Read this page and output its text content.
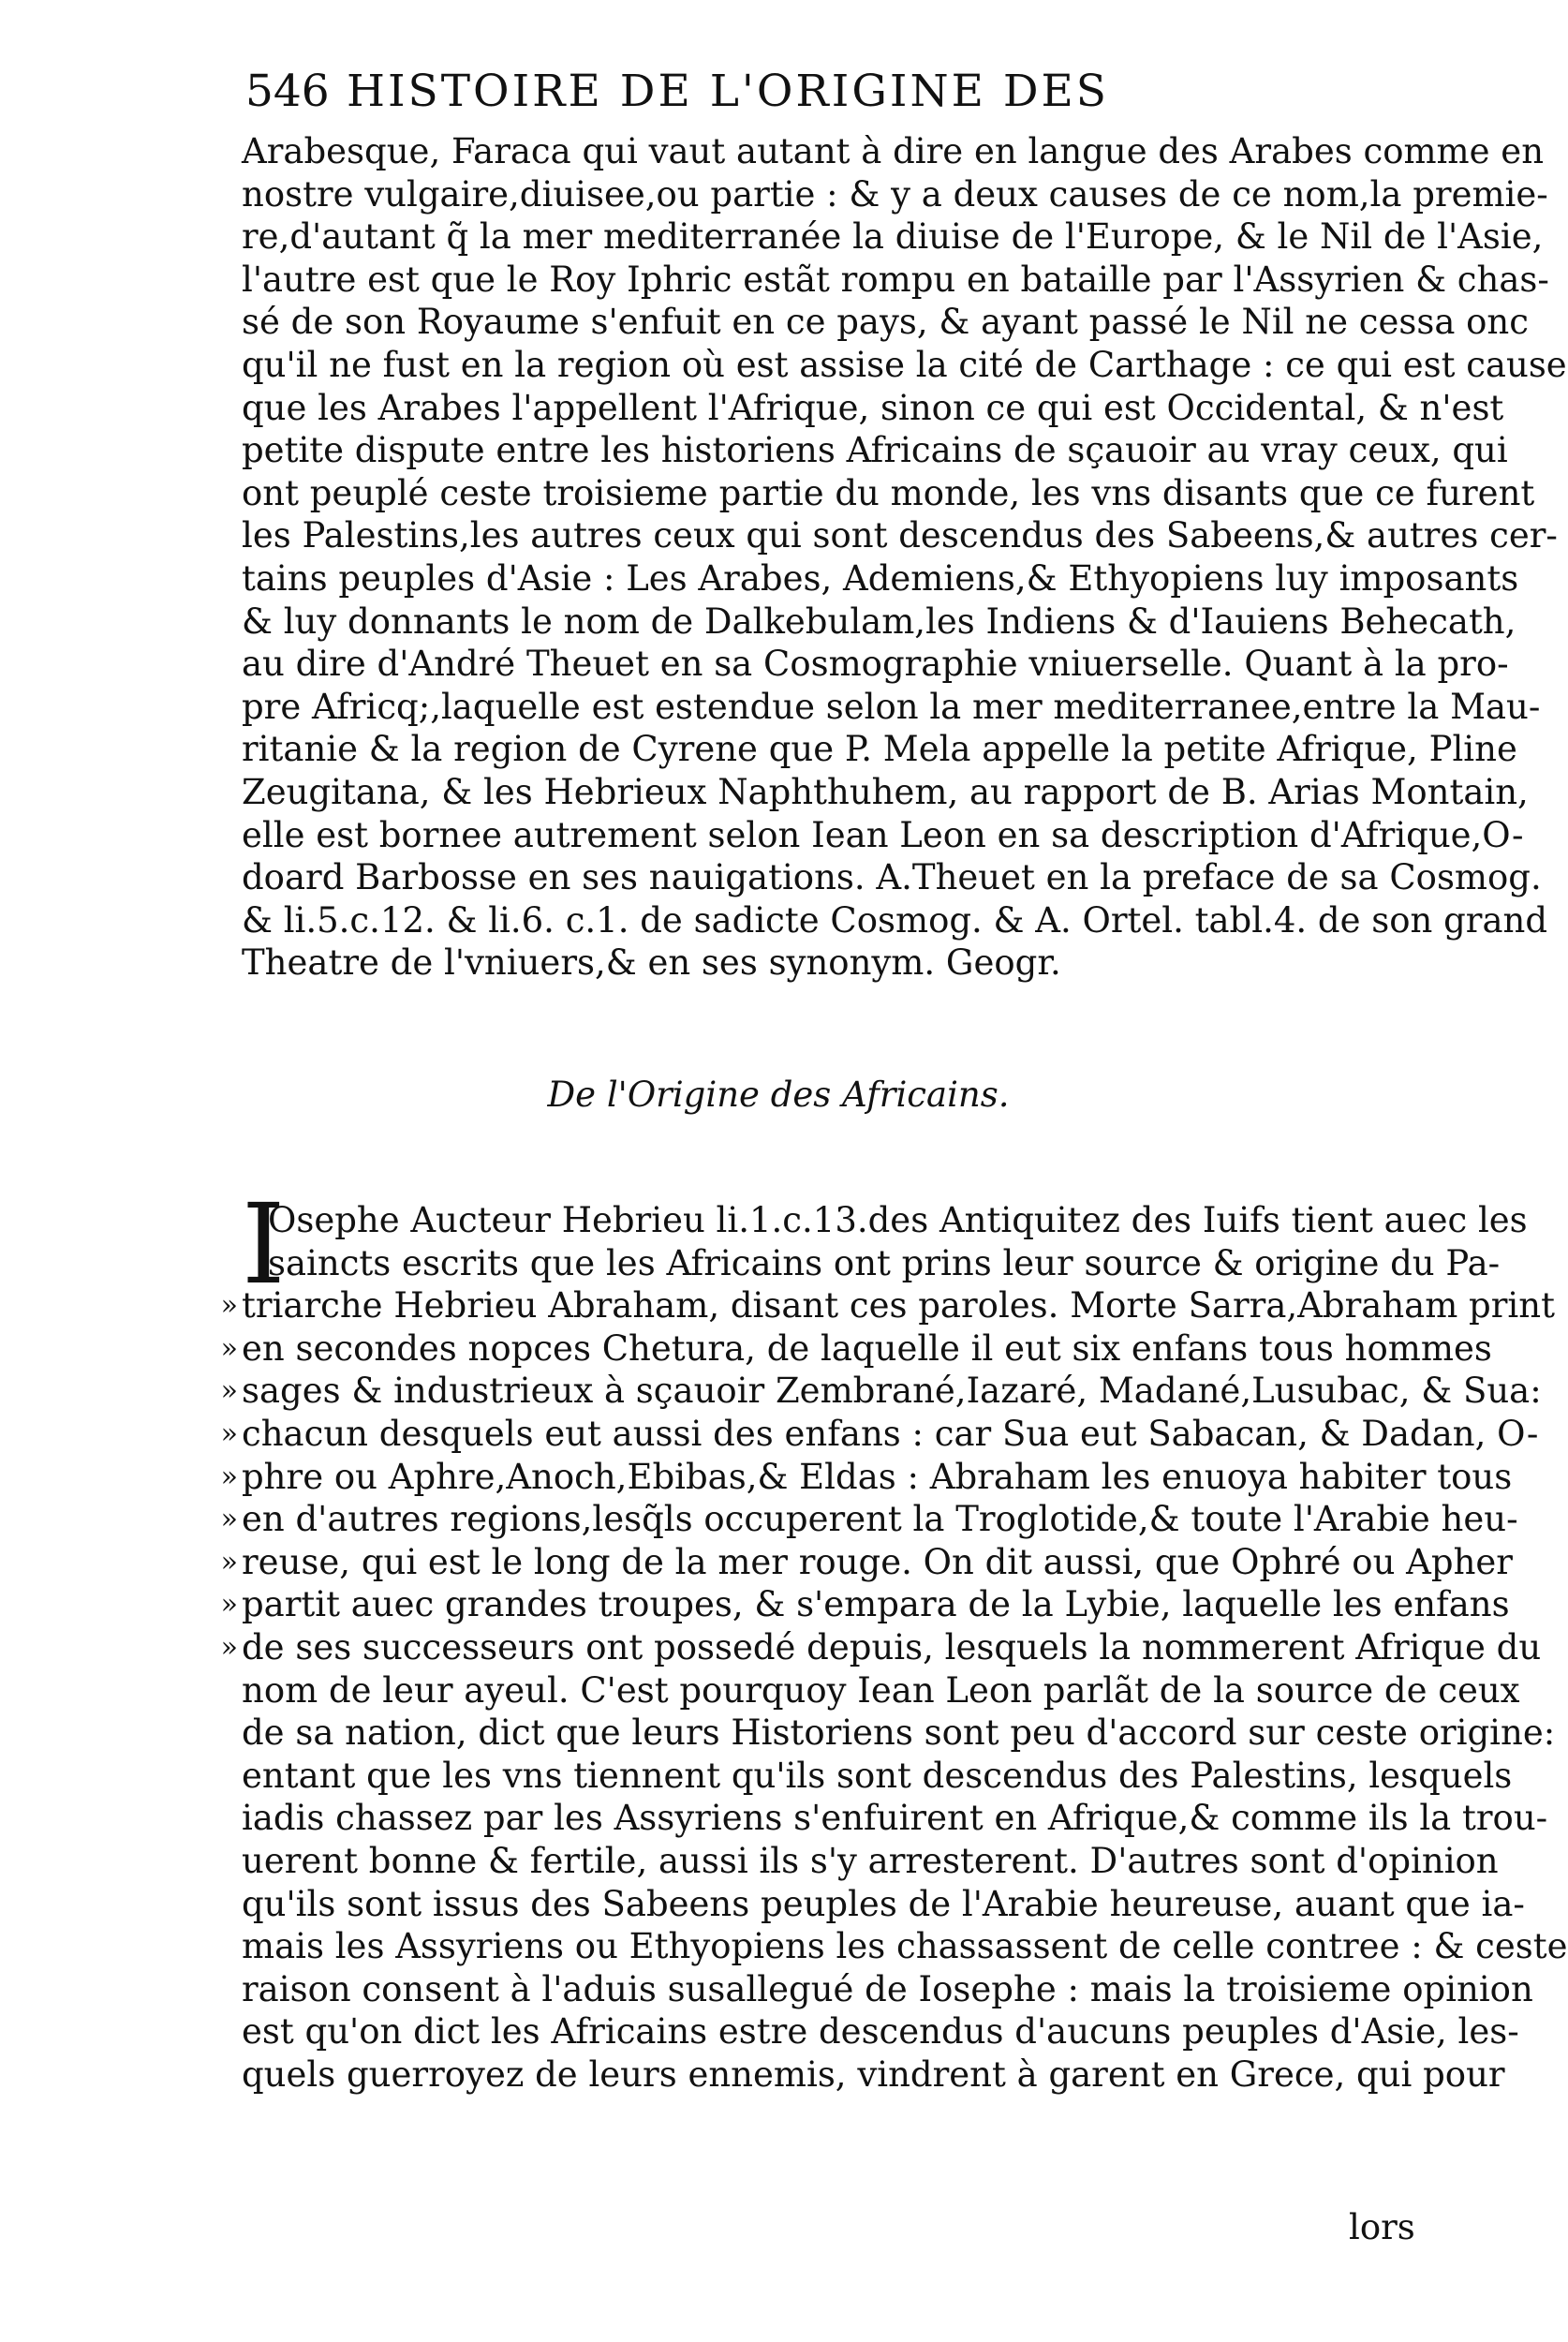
546 HISTOIRE DE L'ORIGINE DES
Arabesque, Faraca qui vaut autant à dire en langue des Arabes comme en
nostre vulgaire,diuisee,ou partie : & y a deux causes de ce nom,la premie-
re,d'autant q̃ la mer mediterranée la diuise de l'Europe, & le Nil de l'Asie,
l'autre est que le Roy Iphric estãt rompu en bataille par l'Assyrien & chas-
sé de son Royaume s'enfuit en ce pays, & ayant passé le Nil ne cessa onc
qu'il ne fust en la region où est assise la cité de Carthage : ce qui est cause
que les Arabes l'appellent l'Afrique, sinon ce qui est Occidental, & n'est
petite dispute entre les historiens Africains de sçauoir au vray ceux, qui
ont peuplé ceste troisieme partie du monde, les vns disants que ce furent
les Palestins,les autres ceux qui sont descendus des Sabeens,& autres cer-
tains peuples d'Asie : Les Arabes, Ademiens,& Ethyopiens luy imposants
& luy donnants le nom de Dalkebulam,les Indiens & d'Iauiens Behecath,
au dire d'André Theuet en sa Cosmographie vniuerselle. Quant à la pro-
pre Africq;,laquelle est estendue selon la mer mediterranee,entre la Mau-
ritanie & la region de Cyrene que P. Mela appelle la petite Afrique, Pline
Zeugitana, & les Hebrieux Naphthuhem, au rapport de B. Arias Montain,
elle est bornee autrement selon Iean Leon en sa description d'Afrique,O-
doard Barbosse en ses nauigations. A.Theuet en la preface de sa Cosmog.
& li.5.c.12. & li.6. c.1. de sadicte Cosmog. & A. Ortel. tabl.4. de son grand
Theatre de l'vniuers,& en ses synonym. Geogr.
De l'Origine des Africains.
I
Osephe Aucteur Hebrieu li.1.c.13.des Antiquitez des Iuifs tient auec les
saincts escrits que les Africains ont prins leur source & origine du Pa-
» triarche Hebrieu Abraham, disant ces paroles. Morte Sarra,Abraham print
» en secondes nopces Chetura, de laquelle il eut six enfans tous hommes
» sages & industrieux à sçauoir Zembrané,Iazaré, Madané,Lusubac, & Sua:
» chacun desquels eut aussi des enfans : car Sua eut Sabacan, & Dadan, O-
» phre ou Aphre,Anoch,Ebibas,& Eldas : Abraham les enuoya habiter tous
» en d'autres regions,lesq̃ls occuperent la Troglotide,& toute l'Arabie heu-
» reuse, qui est le long de la mer rouge. On dit aussi, que Ophré ou Apher
» partit auec grandes troupes, & s'empara de la Lybie, laquelle les enfans
» de ses successeurs ont possedé depuis, lesquels la nommerent Afrique du
nom de leur ayeul. C'est pourquoy Iean Leon parlãt de la source de ceux
de sa nation, dict que leurs Historiens sont peu d'accord sur ceste origine:
entant que les vns tiennent qu'ils sont descendus des Palestins, lesquels
iadis chassez par les Assyriens s'enfuirent en Afrique,& comme ils la trou-
uerent bonne & fertile, aussi ils s'y arresterent. D'autres sont d'opinion
qu'ils sont issus des Sabeens peuples de l'Arabie heureuse, auant que ia-
mais les Assyriens ou Ethyopiens les chassassent de celle contree : & ceste
raison consent à l'aduis susallegué de Iosephe : mais la troisieme opinion
est qu'on dict les Africains estre descendus d'aucuns peuples d'Asie, les-
quels guerroyez de leurs ennemis, vindrent à garent en Grece, qui pour
lors
